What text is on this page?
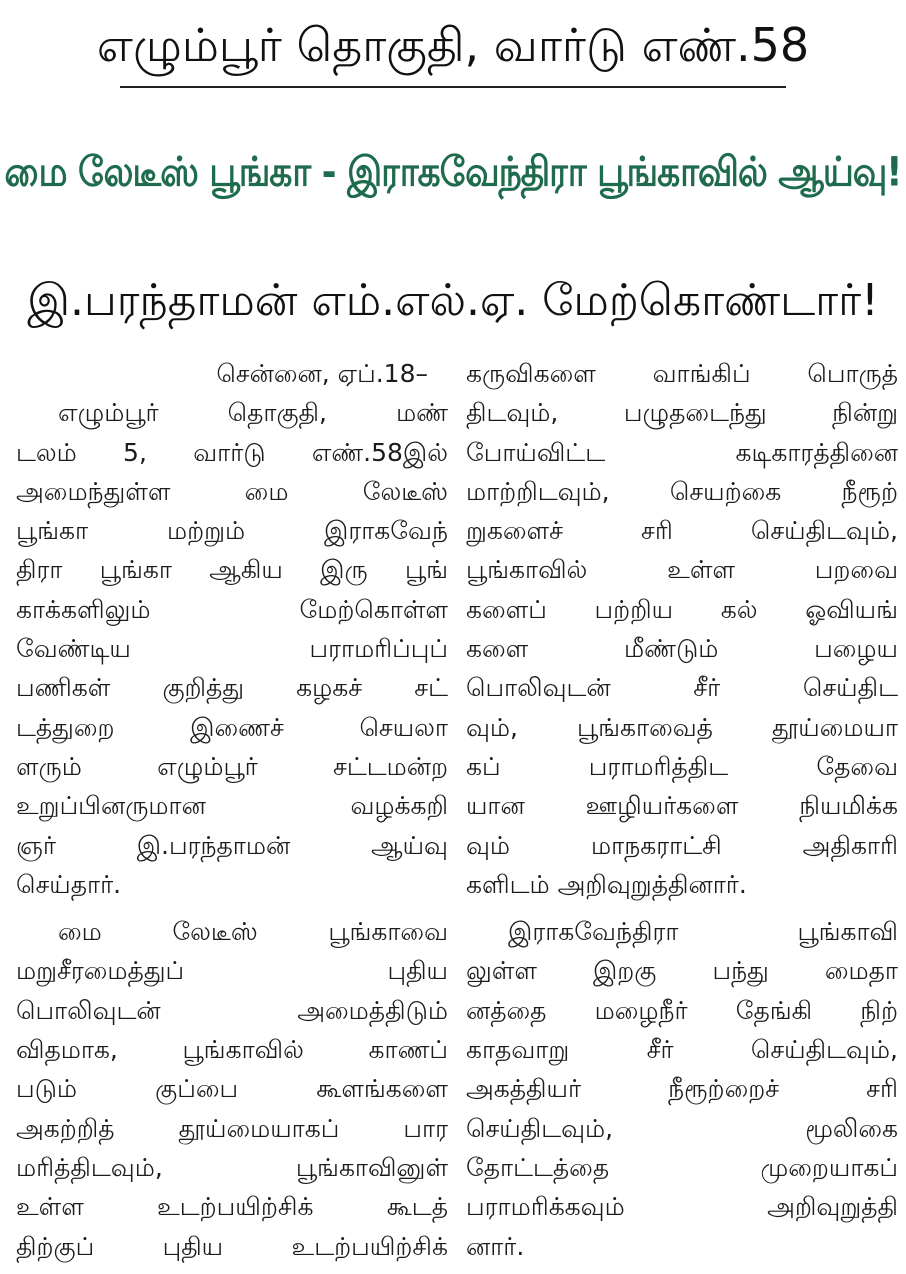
எழும்பூர் தொகுதி, வார்டு எண்.58
மை லேடீஸ் பூங்கா - இராகவேந்திரா பூங்காவில் ஆய்வு!
இ.பரந்தாமன் எம்.எல்.ஏ. மேற்கொண்டார்!
சென்னை, ஏப்.18–
எழும்பூர் தொகுதி, மண்
டலம் 5, வார்டு எண்.58இல்
அமைந்துள்ள மை லேடீஸ்
பூங்கா மற்றும் இராகவேந்
திரா பூங்கா ஆகிய இரு பூங்
காக்களிலும் மேற்கொள்ள
வேண்டிய பராமரிப்புப்
பணிகள் குறித்து கழகச் சட்
டத்துறை இணைச் செயலா
ளரும் எழும்பூர் சட்டமன்ற
உறுப்பினருமான வழக்கறி
ஞர் இ.பரந்தாமன் ஆய்வு
செய்தார்.
மை லேடீஸ் பூங்காவை
மறுசீரமைத்துப் புதிய
பொலிவுடன் அமைத்திடும்
விதமாக, பூங்காவில் காணப்
படும் குப்பை கூளங்களை
அகற்றித் தூய்மையாகப் பார
மரித்திடவும், பூங்காவினுள்
உள்ள உடற்பயிற்சிக் கூடத்
திற்குப் புதிய உடற்பயிற்சிக்
கருவிகளை வாங்கிப் பொருத்
திடவும், பழுதடைந்து நின்று
போய்விட்ட கடிகாரத்தினை
மாற்றிடவும், செயற்கை நீரூற்
றுகளைச் சரி செய்திடவும்,
பூங்காவில் உள்ள பறவை
களைப் பற்றிய கல் ஓவியங்
களை மீண்டும் பழைய
பொலிவுடன் சீர் செய்திட
வும், பூங்காவைத் தூய்மையா
கப் பராமரித்திட தேவை
யான ஊழியர்களை நியமிக்க
வும் மாநகராட்சி அதிகாரி
களிடம் அறிவுறுத்தினார்.
இராகவேந்திரா பூங்காவி
லுள்ள இறகு பந்து மைதா
னத்தை மழைநீர் தேங்கி நிற்
காதவாறு சீர் செய்திடவும்,
அகத்தியர் நீரூற்றைச் சரி
செய்திடவும், மூலிகை
தோட்டத்தை முறையாகப்
பராமரிக்கவும் அறிவுறுத்தி
னார்.
